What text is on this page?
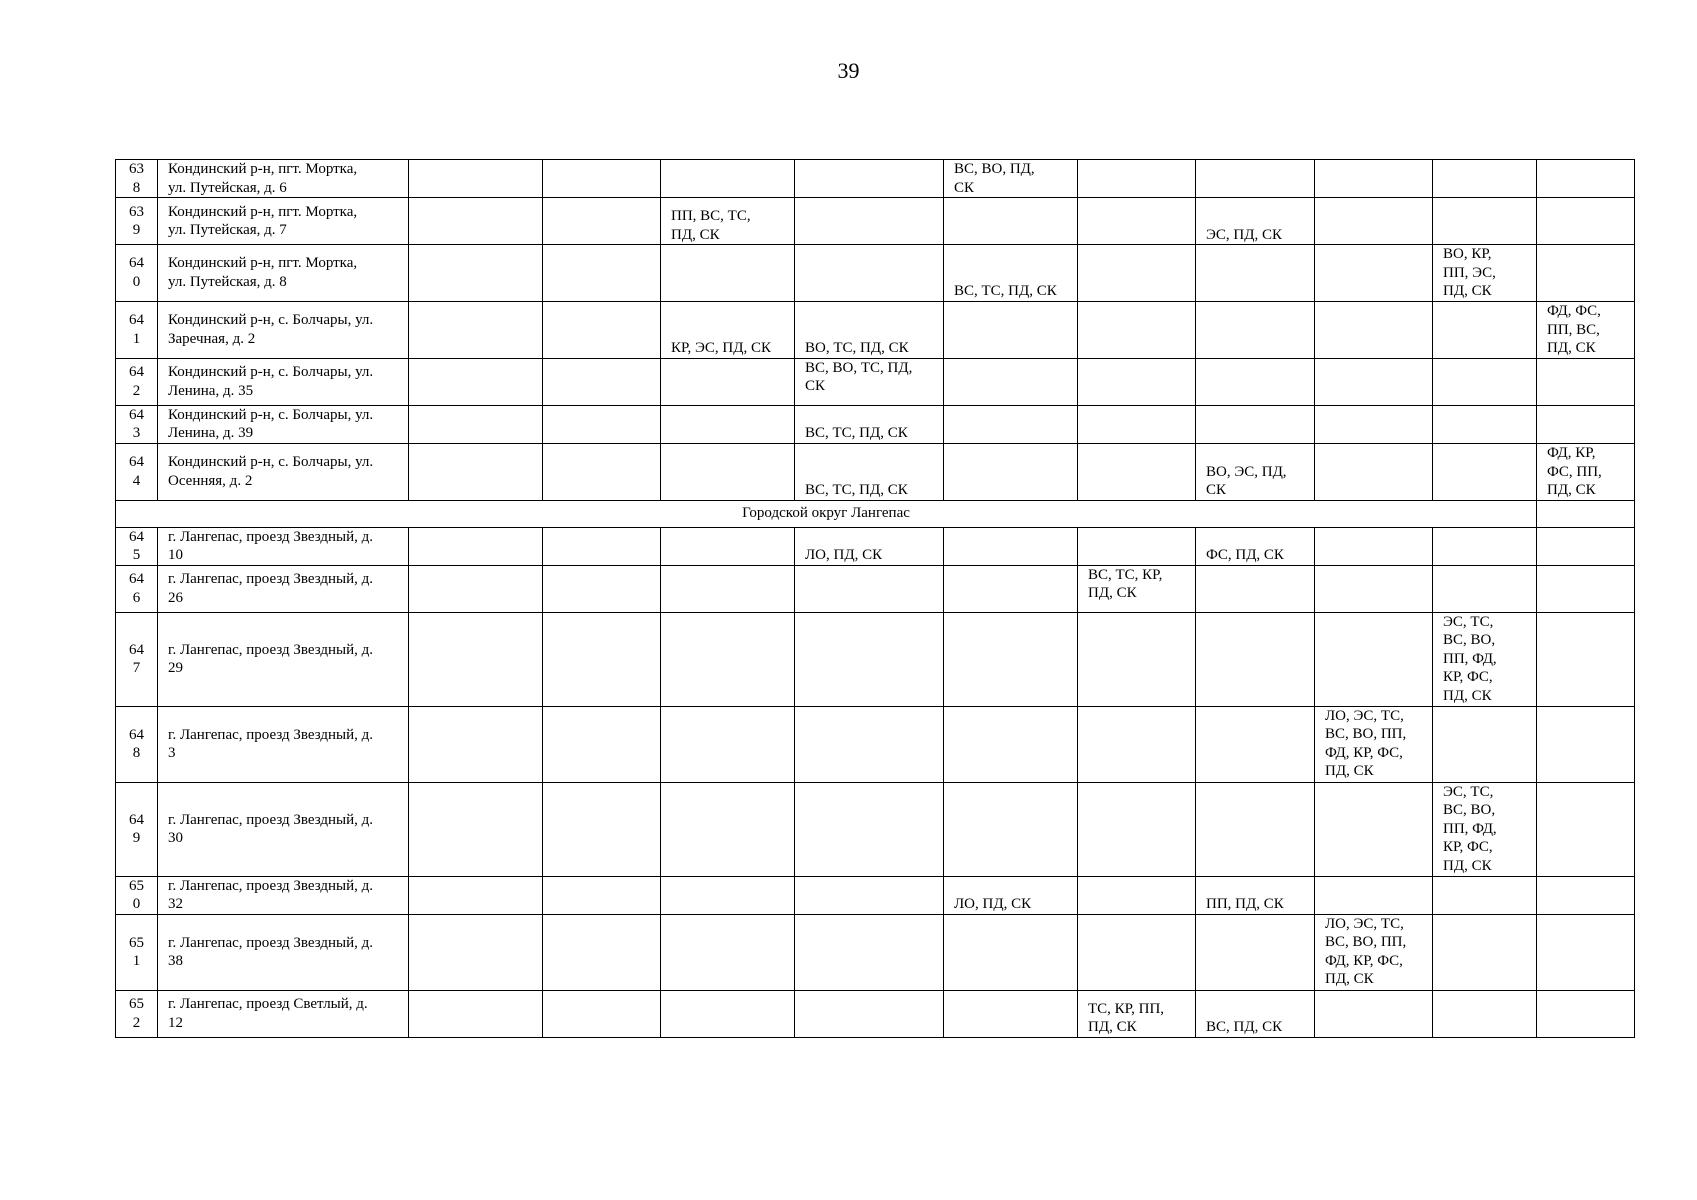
39
63
8	Кондинский р-н, пгт. Мортка,
ул. Путейская, д. 6					ВС, ВО, ПД,
СК					

63
9	Кондинский р-н, пгт. Мортка,
ул. Путейская, д. 7			ПП, ВС, ТС,
ПД, СК				ЭС, ПД, СК			

64
0	Кондинский р-н, пгт. Мортка,
ул. Путейская, д. 8					ВС, ТС, ПД, СК				ВО, КР,
ПП, ЭС,
ПД, СК	

64
1	Кондинский р-н, с. Болчары, ул.
Заречная, д. 2			КР, ЭС, ПД, СК	ВО, ТС, ПД, СК						ФД, ФС,
ПП, ВС,
ПД, СК

64
2	Кондинский р-н, с. Болчары, ул.
Ленина, д. 35				ВС, ВО, ТС, ПД,
СК						

64
3	Кондинский р-н, с. Болчары, ул.
Ленина, д. 39				ВС, ТС, ПД, СК						

64
4	Кондинский р-н, с. Болчары, ул.
Осенняя, д. 2				ВС, ТС, ПД, СК			ВО, ЭС, ПД,
СК			ФД, КР,
ФС, ПП,
ПД, СК

Городской округ Лангепас											

64
5	г. Лангепас, проезд Звездный, д.
10				ЛО, ПД, СК			ФС, ПД, СК			

64
6	г. Лангепас, проезд Звездный, д.
26						ВС, ТС, КР,
ПД, СК				

64
7	г. Лангепас, проезд Звездный, д.
29									ЭС, ТС,
ВС, ВО,
ПП, ФД,
КР, ФС,
ПД, СК	

64
8	г. Лангепас, проезд Звездный, д.
3								ЛО, ЭС, ТС,
ВС, ВО, ПП,
ФД, КР, ФС,
ПД, СК		

64
9	г. Лангепас, проезд Звездный, д.
30									ЭС, ТС,
ВС, ВО,
ПП, ФД,
КР, ФС,
ПД, СК	

65
0	г. Лангепас, проезд Звездный, д.
32					ЛО, ПД, СК		ПП, ПД, СК			

65
1	г. Лангепас, проезд Звездный, д.
38								ЛО, ЭС, ТС,
ВС, ВО, ПП,
ФД, КР, ФС,
ПД, СК		

65
2	г. Лангепас, проезд Светлый, д.
12						ТС, КР, ПП,
ПД, СК	ВС, ПД, СК			
